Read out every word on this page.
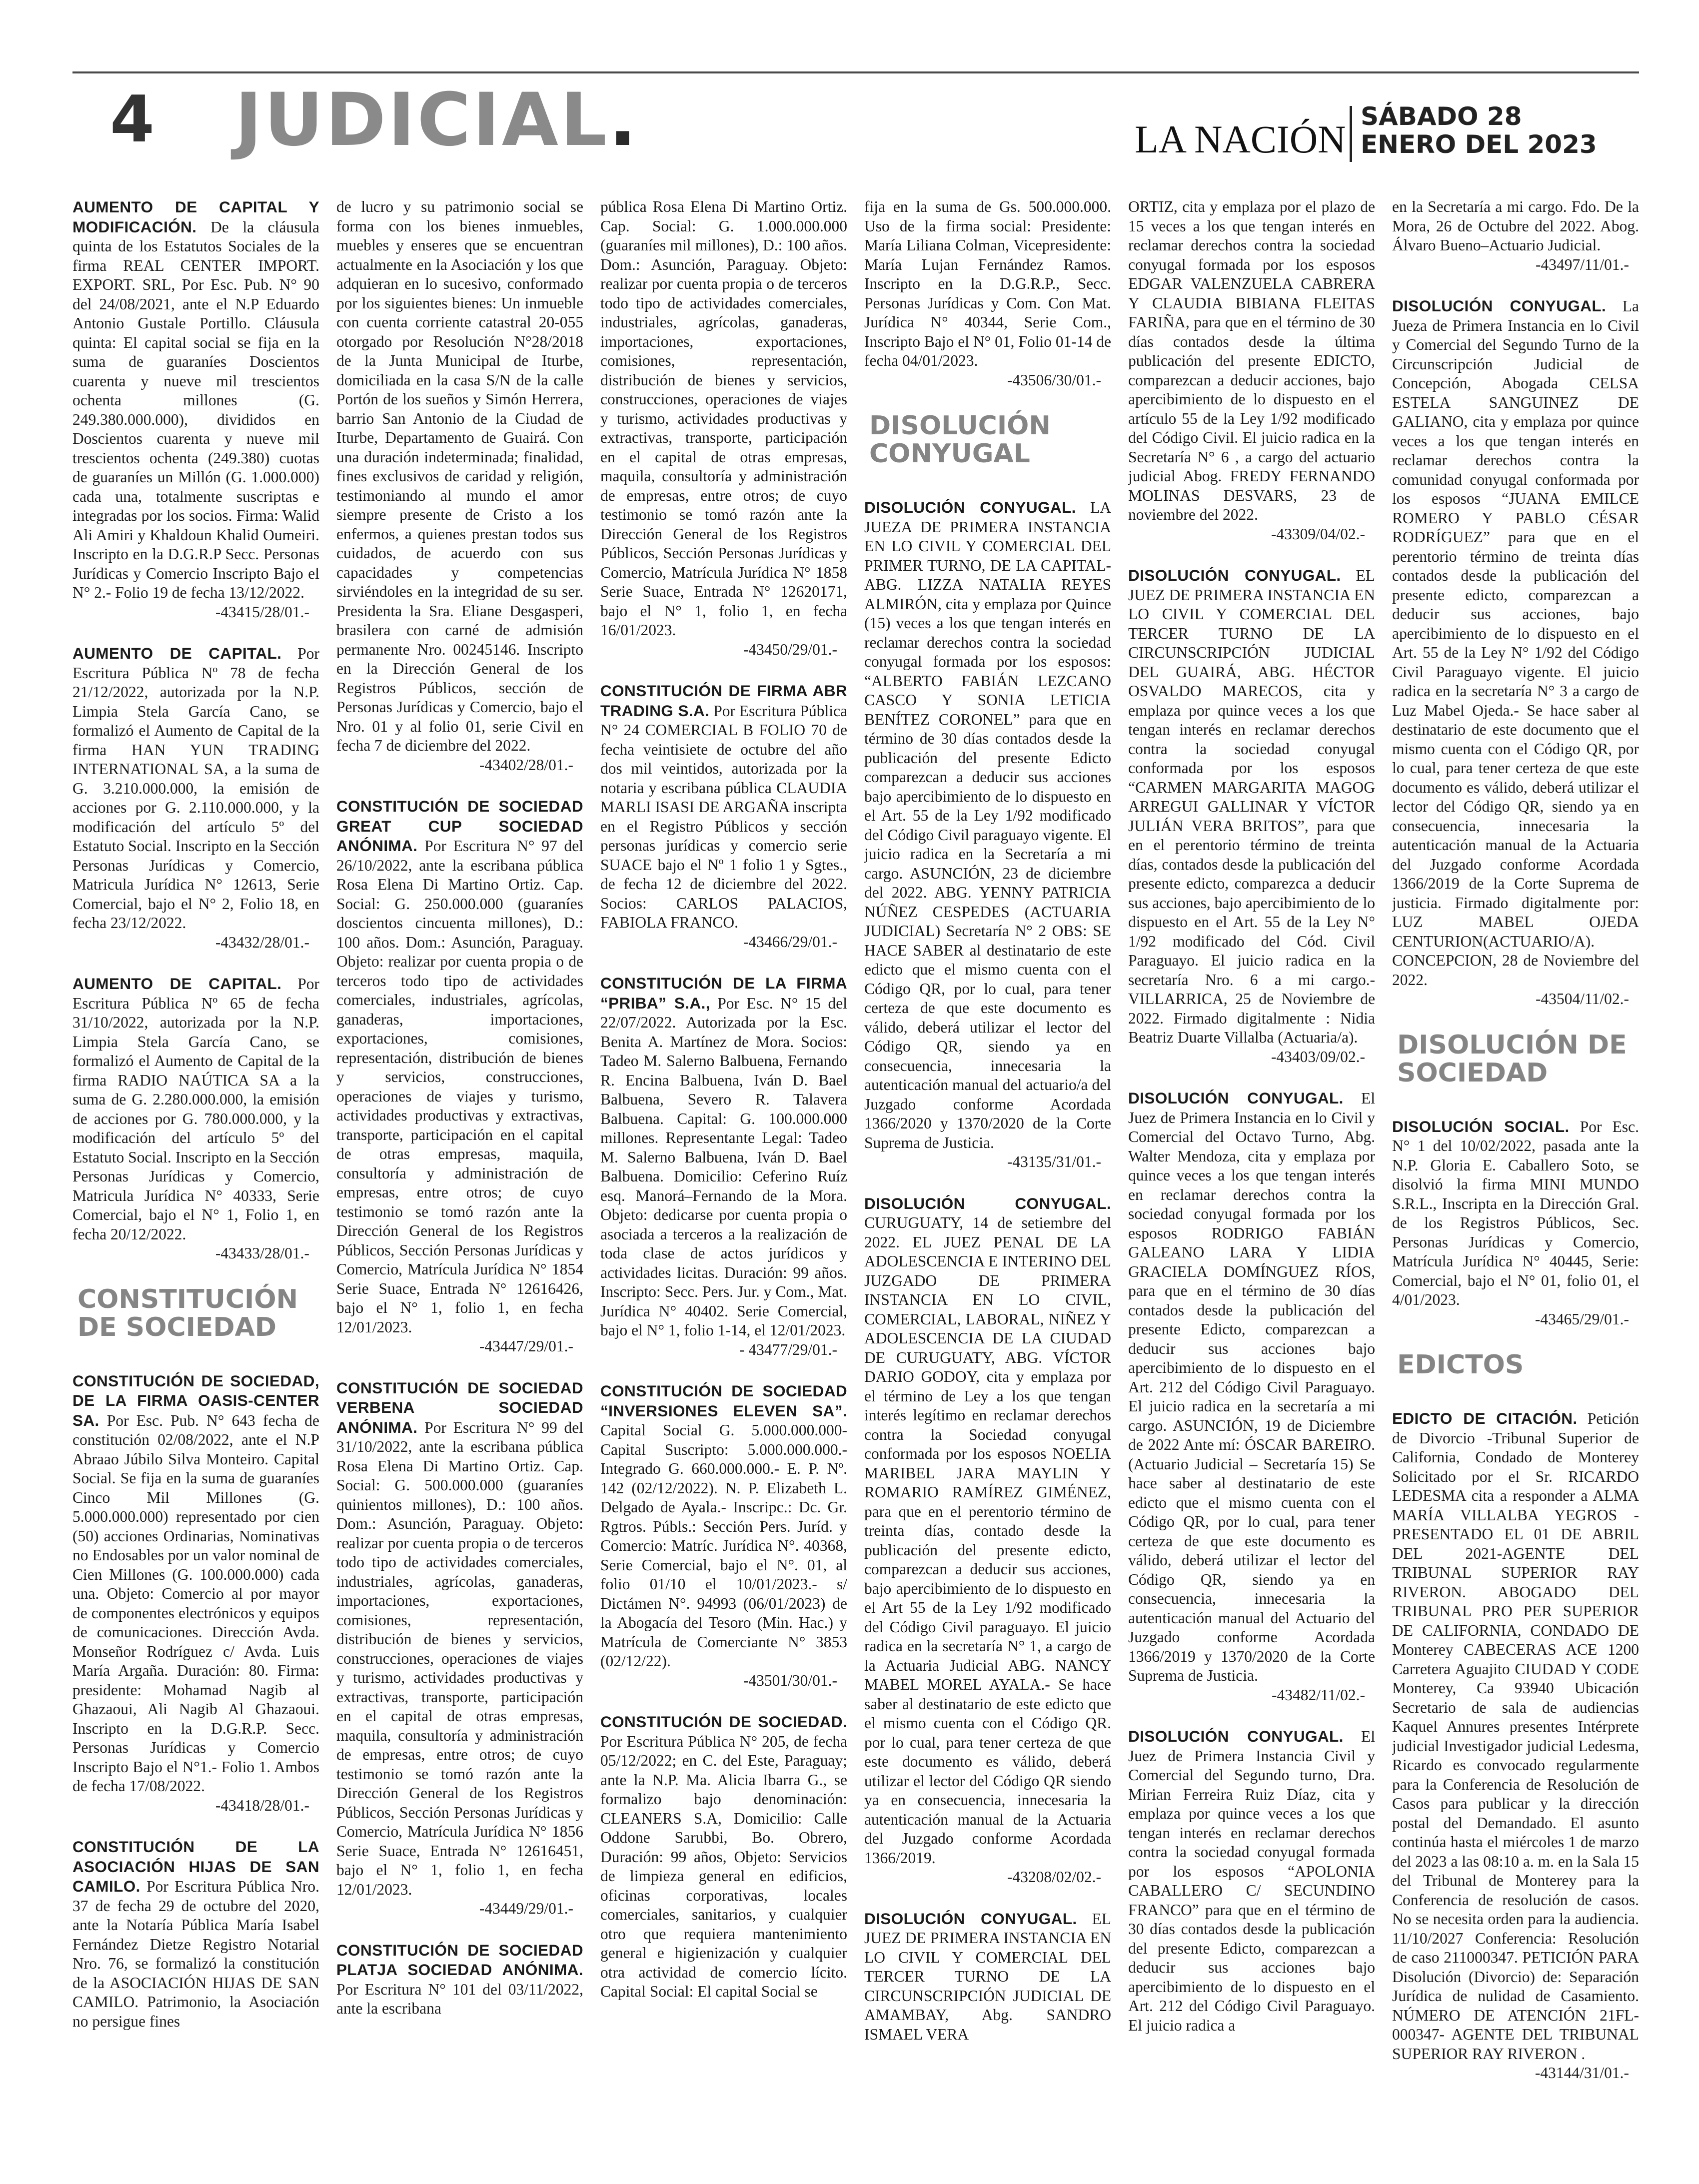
4 JUDICIAL.	LA NACIÓN
SÁBADO 28
ENERO DEL 2023
AUMENTO DE CAPITAL Y MODIFICACIÓN. De la cláusula quinta de los Estatutos Sociales de la firma REAL CENTER IMPORT. EXPORT. SRL, Por Esc. Pub. N° 90 del 24/08/2021, ante el N.P Eduardo Antonio Gustale Portillo. Cláusula quinta: El capital social se fija en la suma de guaraníes Doscientos cuarenta y nueve mil trescientos ochenta millones (G. 249.380.000.000), divididos en Doscientos cuarenta y nueve mil trescientos ochenta (249.380) cuotas de guaraníes un Millón (G. 1.000.000) cada una, totalmente suscriptas e integradas por los socios. Firma: Walid Ali Amiri y Khaldoun Khalid Oumeiri. Inscripto en la D.G.R.P Secc. Personas Jurídicas y Comercio Inscripto Bajo el N° 2.- Folio 19 de fecha 13/12/2022.
-43415/28/01.-
AUMENTO DE CAPITAL. Por Escritura Pública Nº 78 de fecha 21/12/2022, autorizada por la N.P. Limpia Stela García Cano, se formalizó el Aumento de Capital de la firma HAN YUN TRADING INTERNATIONAL SA, a la suma de G. 3.210.000.000, la emisión de acciones por G. 2.110.000.000, y la modificación del artículo 5º del Estatuto Social. Inscripto en la Sección Personas Jurídicas y Comercio, Matricula Jurídica N° 12613, Serie Comercial, bajo el N° 2, Folio 18, en fecha 23/12/2022.
-43432/28/01.-
AUMENTO DE CAPITAL. Por Escritura Pública Nº 65 de fecha 31/10/2022, autorizada por la N.P. Limpia Stela García Cano, se formalizó el Aumento de Capital de la firma RADIO NAÚTICA SA a la suma de G. 2.280.000.000, la emisión de acciones por G. 780.000.000, y la modificación del artículo 5º del Estatuto Social. Inscripto en la Sección Personas Jurídicas y Comercio, Matricula Jurídica N° 40333, Serie Comercial, bajo el N° 1, Folio 1, en fecha 20/12/2022.
-43433/28/01.-
CONSTITUCIÓN DE SOCIEDAD
CONSTITUCIÓN DE SOCIEDAD, DE LA FIRMA OASIS-CENTER SA. Por Esc. Pub. N° 643 fecha de constitución 02/08/2022, ante el N.P Abraao Júbilo Silva Monteiro. Capital Social. Se fija en la suma de guaraníes Cinco Mil Millones (G. 5.000.000.000) representado por cien (50) acciones Ordinarias, Nominativas no Endosables por un valor nominal de Cien Millones (G. 100.000.000) cada una. Objeto: Comercio al por mayor de componentes electrónicos y equipos de comunicaciones. Dirección Avda. Monseñor Rodríguez c/ Avda. Luis María Argaña. Duración: 80. Firma: presidente: Mohamad Nagib al Ghazaoui, Ali Nagib Al Ghazaoui. Inscripto en la D.G.R.P. Secc. Personas Jurídicas y Comercio Inscripto Bajo el N°1.- Folio 1. Ambos de fecha 17/08/2022.
-43418/28/01.-
CONSTITUCIÓN DE LA ASOCIACIÓN HIJAS DE SAN CAMILO. Por Escritura Pública Nro. 37 de fecha 29 de octubre del 2020, ante la Notaría Pública María Isabel Fernández Dietze Registro Notarial Nro. 76, se formalizó la constitución de la ASOCIACIÓN HIJAS DE SAN CAMILO. Patrimonio, la Asociación no persigue fines
de lucro y su patrimonio social se forma con los bienes inmuebles, muebles y enseres que se encuentran actualmente en la Asociación y los que adquieran en lo sucesivo, conformado por los siguientes bienes: Un inmueble con cuenta corriente catastral 20-055 otorgado por Resolución N°28/2018 de la Junta Municipal de Iturbe, domiciliada en la casa S/N de la calle Portón de los sueños y Simón Herrera, barrio San Antonio de la Ciudad de Iturbe, Departamento de Guairá. Con una duración indeterminada; finalidad, fines exclusivos de caridad y religión, testimoniando al mundo el amor siempre presente de Cristo a los enfermos, a quienes prestan todos sus cuidados, de acuerdo con sus capacidades y competencias sirviéndoles en la integridad de su ser. Presidenta la Sra. Eliane Desgasperi, brasilera con carné de admisión permanente Nro. 00245146. Inscripto en la Dirección General de los Registros Públicos, sección de Personas Jurídicas y Comercio, bajo el Nro. 01 y al folio 01, serie Civil en fecha 7 de diciembre del 2022.
-43402/28/01.-
CONSTITUCIÓN DE SOCIEDAD GREAT CUP SOCIEDAD ANÓNIMA. Por Escritura N° 97 del 26/10/2022, ante la escribana pública Rosa Elena Di Martino Ortiz. Cap. Social: G. 250.000.000 (guaraníes doscientos cincuenta millones), D.: 100 años. Dom.: Asunción, Paraguay. Objeto: realizar por cuenta propia o de terceros todo tipo de actividades comerciales, industriales, agrícolas, ganaderas, importaciones, exportaciones, comisiones, representación, distribución de bienes y servicios, construcciones, operaciones de viajes y turismo, actividades productivas y extractivas, transporte, participación en el capital de otras empresas, maquila, consultoría y administración de empresas, entre otros; de cuyo testimonio se tomó razón ante la Dirección General de los Registros Públicos, Sección Personas Jurídicas y Comercio, Matrícula Jurídica N° 1854 Serie Suace, Entrada N° 12616426, bajo el N° 1, folio 1, en fecha 12/01/2023.
-43447/29/01.-
CONSTITUCIÓN DE SOCIEDAD VERBENA SOCIEDAD ANÓNIMA. Por Escritura N° 99 del 31/10/2022, ante la escribana pública Rosa Elena Di Martino Ortiz. Cap. Social: G. 500.000.000 (guaraníes quinientos millones), D.: 100 años. Dom.: Asunción, Paraguay. Objeto: realizar por cuenta propia o de terceros todo tipo de actividades comerciales, industriales, agrícolas, ganaderas, importaciones, exportaciones, comisiones, representación, distribución de bienes y servicios, construcciones, operaciones de viajes y turismo, actividades productivas y extractivas, transporte, participación en el capital de otras empresas, maquila, consultoría y administración de empresas, entre otros; de cuyo testimonio se tomó razón ante la Dirección General de los Registros Públicos, Sección Personas Jurídicas y Comercio, Matrícula Jurídica N° 1856 Serie Suace, Entrada N° 12616451, bajo el N° 1, folio 1, en fecha 12/01/2023.
-43449/29/01.-
CONSTITUCIÓN DE SOCIEDAD PLATJA SOCIEDAD ANÓNIMA. Por Escritura N° 101 del 03/11/2022, ante la escribana
pública Rosa Elena Di Martino Ortiz. Cap. Social: G. 1.000.000.000 (guaraníes mil millones), D.: 100 años. Dom.: Asunción, Paraguay. Objeto: realizar por cuenta propia o de terceros todo tipo de actividades comerciales, industriales, agrícolas, ganaderas, importaciones, exportaciones, comisiones, representación, distribución de bienes y servicios, construcciones, operaciones de viajes y turismo, actividades productivas y extractivas, transporte, participación en el capital de otras empresas, maquila, consultoría y administración de empresas, entre otros; de cuyo testimonio se tomó razón ante la Dirección General de los Registros Públicos, Sección Personas Jurídicas y Comercio, Matrícula Jurídica N° 1858 Serie Suace, Entrada N° 12620171, bajo el N° 1, folio 1, en fecha 16/01/2023.
-43450/29/01.-
CONSTITUCIÓN DE FIRMA ABR TRADING S.A. Por Escritura Pública N° 24 COMERCIAL B FOLIO 70 de fecha veintisiete de octubre del año dos mil veintidos, autorizada por la notaria y escribana pública CLAUDIA MARLI ISASI DE ARGAÑA inscripta en el Registro Públicos y sección personas jurídicas y comercio serie SUACE bajo el Nº 1 folio 1 y Sgtes., de fecha 12 de diciembre del 2022. Socios: CARLOS PALACIOS, FABIOLA FRANCO.
-43466/29/01.-
CONSTITUCIÓN DE LA FIRMA “PRIBA” S.A., Por Esc. N° 15 del 22/07/2022. Autorizada por la Esc. Benita A. Martínez de Mora. Socios: Tadeo M. Salerno Balbuena, Fernando R. Encina Balbuena, Iván D. Bael Balbuena, Severo R. Talavera Balbuena. Capital: G. 100.000.000 millones. Representante Legal: Tadeo M. Salerno Balbuena, Iván D. Bael Balbuena. Domicilio: Ceferino Ruíz esq. Manorá–Fernando de la Mora. Objeto: dedicarse por cuenta propia o asociada a terceros a la realización de toda clase de actos jurídicos y actividades licitas. Duración: 99 años. Inscripto: Secc. Pers. Jur. y Com., Mat. Jurídica N° 40402. Serie Comercial, bajo el N° 1, folio 1-14, el 12/01/2023.
- 43477/29/01.-
CONSTITUCIÓN DE SOCIEDAD “INVERSIONES ELEVEN SA”. Capital Social G. 5.000.000.000- Capital Suscripto: 5.000.000.000.- Integrado G. 660.000.000.- E. P. Nº. 142 (02/12/2022). N. P. Elizabeth L. Delgado de Ayala.- Inscripc.: Dc. Gr. Rgtros. Públs.: Sección Pers. Juríd. y Comercio: Matríc. Jurídica N°. 40368, Serie Comercial, bajo el N°. 01, al folio 01/10 el 10/01/2023.- s/ Dictámen N°. 94993 (06/01/2023) de la Abogacía del Tesoro (Min. Hac.) y Matrícula de Comerciante N° 3853 (02/12/22).
-43501/30/01.-
CONSTITUCIÓN DE SOCIEDAD. Por Escritura Pública N° 205, de fecha 05/12/2022; en C. del Este, Paraguay; ante la N.P. Ma. Alicia Ibarra G., se formalizo bajo denominación: CLEANERS S.A, Domicilio: Calle Oddone Sarubbi, Bo. Obrero, Duración: 99 años, Objeto: Servicios de limpieza general en edificios, oficinas corporativas, locales comerciales, sanitarios, y cualquier otro que requiera mantenimiento general e higienización y cualquier otra actividad de comercio lícito. Capital Social: El capital Social se
fija en la suma de Gs. 500.000.000. Uso de la firma social: Presidente: María Liliana Colman, Vicepresidente: María Lujan Fernández Ramos. Inscripto en la D.G.R.P., Secc. Personas Jurídicas y Com. Con Mat. Jurídica N° 40344, Serie Com., Inscripto Bajo el N° 01, Folio 01-14 de fecha 04/01/2023.
-43506/30/01.-
DISOLUCIÓN CONYUGAL
DISOLUCIÓN CONYUGAL. LA JUEZA DE PRIMERA INSTANCIA EN LO CIVIL Y COMERCIAL DEL PRIMER TURNO, DE LA CAPITAL-ABG. LIZZA NATALIA REYES ALMIRÓN, cita y emplaza por Quince (15) veces a los que tengan interés en reclamar derechos contra la sociedad conyugal formada por los esposos: “ALBERTO FABIÁN LEZCANO CASCO Y SONIA LETICIA BENÍTEZ CORONEL” para que en término de 30 días contados desde la publicación del presente Edicto comparezcan a deducir sus acciones bajo apercibimiento de lo dispuesto en el Art. 55 de la Ley 1/92 modificado del Código Civil paraguayo vigente. El juicio radica en la Secretaría a mi cargo. ASUNCIÓN, 23 de diciembre del 2022. ABG. YENNY PATRICIA NÚÑEZ CESPEDES (ACTUARIA JUDICIAL) Secretaría N° 2 OBS: SE HACE SABER al destinatario de este edicto que el mismo cuenta con el Código QR, por lo cual, para tener certeza de que este documento es válido, deberá utilizar el lector del Código QR, siendo ya en consecuencia, innecesaria la autenticación manual del actuario/a del Juzgado conforme Acordada 1366/2020 y 1370/2020 de la Corte Suprema de Justicia.
-43135/31/01.-
DISOLUCIÓN CONYUGAL. CURUGUATY, 14 de setiembre del 2022. EL JUEZ PENAL DE LA ADOLESCENCIA E INTERINO DEL JUZGADO DE PRIMERA INSTANCIA EN LO CIVIL, COMERCIAL, LABORAL, NIÑEZ Y ADOLESCENCIA DE LA CIUDAD DE CURUGUATY, ABG. VÍCTOR DARIO GODOY, cita y emplaza por el término de Ley a los que tengan interés legítimo en reclamar derechos contra la Sociedad conyugal conformada por los esposos NOELIA MARIBEL JARA MAYLIN Y ROMARIO RAMÍREZ GIMÉNEZ, para que en el perentorio término de treinta días, contado desde la publicación del presente edicto, comparezcan a deducir sus acciones, bajo apercibimiento de lo dispuesto en el Art 55 de la Ley 1/92 modificado del Código Civil paraguayo. El juicio radica en la secretaría N° 1, a cargo de la Actuaria Judicial ABG. NANCY MABEL MOREL AYALA.- Se hace saber al destinatario de este edicto que el mismo cuenta con el Código QR. por lo cual, para tener certeza de que este documento es válido, deberá utilizar el lector del Código QR siendo ya en consecuencia, innecesaria la autenticación manual de la Actuaria del Juzgado conforme Acordada 1366/2019.
-43208/02/02.-
DISOLUCIÓN CONYUGAL. EL JUEZ DE PRIMERA INSTANCIA EN LO CIVIL Y COMERCIAL DEL TERCER TURNO DE LA CIRCUNSCRIPCIÓN JUDICIAL DE AMAMBAY, Abg. SANDRO ISMAEL VERA
ORTIZ, cita y emplaza por el plazo de 15 veces a los que tengan interés en reclamar derechos contra la sociedad conyugal formada por los esposos EDGAR VALENZUELA CABRERA Y CLAUDIA BIBIANA FLEITAS FARIÑA, para que en el término de 30 días contados desde la última publicación del presente EDICTO, comparezcan a deducir acciones, bajo apercibimiento de lo dispuesto en el artículo 55 de la Ley 1/92 modificado del Código Civil. El juicio radica en la Secretaría N° 6 , a cargo del actuario judicial Abog. FREDY FERNANDO MOLINAS DESVARS, 23 de noviembre del 2022.
-43309/04/02.-
DISOLUCIÓN CONYUGAL. EL JUEZ DE PRIMERA INSTANCIA EN LO CIVIL Y COMERCIAL DEL TERCER TURNO DE LA CIRCUNSCRIPCIÓN JUDICIAL DEL GUAIRÁ, ABG. HÉCTOR OSVALDO MARECOS, cita y emplaza por quince veces a los que tengan interés en reclamar derechos contra la sociedad conyugal conformada por los esposos “CARMEN MARGARITA MAGOG ARREGUI GALLINAR Y VÍCTOR JULIÁN VERA BRITOS”, para que en el perentorio término de treinta días, contados desde la publicación del presente edicto, comparezca a deducir sus acciones, bajo apercibimiento de lo dispuesto en el Art. 55 de la Ley N° 1/92 modificado del Cód. Civil Paraguayo. El juicio radica en la secretaría Nro. 6 a mi cargo.- VILLARRICA, 25 de Noviembre de 2022. Firmado digitalmente : Nidia Beatriz Duarte Villalba (Actuaria/a).
-43403/09/02.-
DISOLUCIÓN CONYUGAL. El Juez de Primera Instancia en lo Civil y Comercial del Octavo Turno, Abg. Walter Mendoza, cita y emplaza por quince veces a los que tengan interés en reclamar derechos contra la sociedad conyugal formada por los esposos RODRIGO FABIÁN GALEANO LARA Y LIDIA GRACIELA DOMÍNGUEZ RÍOS, para que en el término de 30 días contados desde la publicación del presente Edicto, comparezcan a deducir sus acciones bajo apercibimiento de lo dispuesto en el Art. 212 del Código Civil Paraguayo. El juicio radica en la secretaría a mi cargo. ASUNCIÓN, 19 de Diciembre de 2022 Ante mí: ÓSCAR BAREIRO. (Actuario Judicial – Secretaría 15) Se hace saber al destinatario de este edicto que el mismo cuenta con el Código QR, por lo cual, para tener certeza de que este documento es válido, deberá utilizar el lector del Código QR, siendo ya en consecuencia, innecesaria la autenticación manual del Actuario del Juzgado conforme Acordada 1366/2019 y 1370/2020 de la Corte Suprema de Justicia.
-43482/11/02.-
DISOLUCIÓN CONYUGAL. El Juez de Primera Instancia Civil y Comercial del Segundo turno, Dra. Mirian Ferreira Ruiz Díaz, cita y emplaza por quince veces a los que tengan interés en reclamar derechos contra la sociedad conyugal formada por los esposos “APOLONIA CABALLERO C/ SECUNDINO FRANCO” para que en el término de 30 días contados desde la publicación del presente Edicto, comparezcan a deducir sus acciones bajo apercibimiento de lo dispuesto en el Art. 212 del Código Civil Paraguayo. El juicio radica a
en la Secretaría a mi cargo. Fdo. De la Mora, 26 de Octubre del 2022. Abog. Álvaro Bueno–Actuario Judicial.
-43497/11/01.-
DISOLUCIÓN CONYUGAL. La Jueza de Primera Instancia en lo Civil y Comercial del Segundo Turno de la Circunscripción Judicial de Concepción, Abogada CELSA ESTELA SANGUINEZ DE GALIANO, cita y emplaza por quince veces a los que tengan interés en reclamar derechos contra la comunidad conyugal conformada por los esposos “JUANA EMILCE ROMERO Y PABLO CÉSAR RODRÍGUEZ” para que en el perentorio término de treinta días contados desde la publicación del presente edicto, comparezcan a deducir sus acciones, bajo apercibimiento de lo dispuesto en el Art. 55 de la Ley N° 1/92 del Código Civil Paraguayo vigente. El juicio radica en la secretaría N° 3 a cargo de Luz Mabel Ojeda.- Se hace saber al destinatario de este documento que el mismo cuenta con el Código QR, por lo cual, para tener certeza de que este documento es válido, deberá utilizar el lector del Código QR, siendo ya en consecuencia, innecesaria la autenticación manual de la Actuaria del Juzgado conforme Acordada 1366/2019 de la Corte Suprema de justicia. Firmado digitalmente por: LUZ MABEL OJEDA CENTURION(ACTUARIO/A). CONCEPCION, 28 de Noviembre del 2022.
-43504/11/02.-
DISOLUCIÓN DE SOCIEDAD
DISOLUCIÓN SOCIAL. Por Esc. N° 1 del 10/02/2022, pasada ante la N.P. Gloria E. Caballero Soto, se disolvió la firma MINI MUNDO S.R.L., Inscripta en la Dirección Gral. de los Registros Públicos, Sec. Personas Jurídicas y Comercio, Matrícula Jurídica N° 40445, Serie: Comercial, bajo el N° 01, folio 01, el 4/01/2023.
-43465/29/01.-
EDICTOS
EDICTO DE CITACIÓN. Petición de Divorcio -Tribunal Superior de California, Condado de Monterey Solicitado por el Sr. RICARDO LEDESMA cita a responder a ALMA MARÍA VILLALBA YEGROS -PRESENTADO EL 01 DE ABRIL DEL 2021-AGENTE DEL TRIBUNAL SUPERIOR RAY RIVERON. ABOGADO DEL TRIBUNAL PRO PER SUPERIOR DE CALIFORNIA, CONDADO DE Monterey CABECERAS ACE 1200 Carretera Aguajito CIUDAD Y CODE Monterey, Ca 93940 Ubicación Secretario de sala de audiencias Kaquel Annures presentes Intérprete judicial Investigador judicial Ledesma, Ricardo es convocado regularmente para la Conferencia de Resolución de Casos para publicar y la dirección postal del Demandado. El asunto continúa hasta el miércoles 1 de marzo del 2023 a las 08:10 a. m. en la Sala 15 del Tribunal de Monterey para la Conferencia de resolución de casos. No se necesita orden para la audiencia. 11/10/2027 Conferencia: Resolución de caso 211000347. PETICIÓN PARA Disolución (Divorcio) de: Separación Jurídica de nulidad de Casamiento. NÚMERO DE ATENCIÓN 21FL-000347- AGENTE DEL TRIBUNAL SUPERIOR RAY RIVERON .
-43144/31/01.-
